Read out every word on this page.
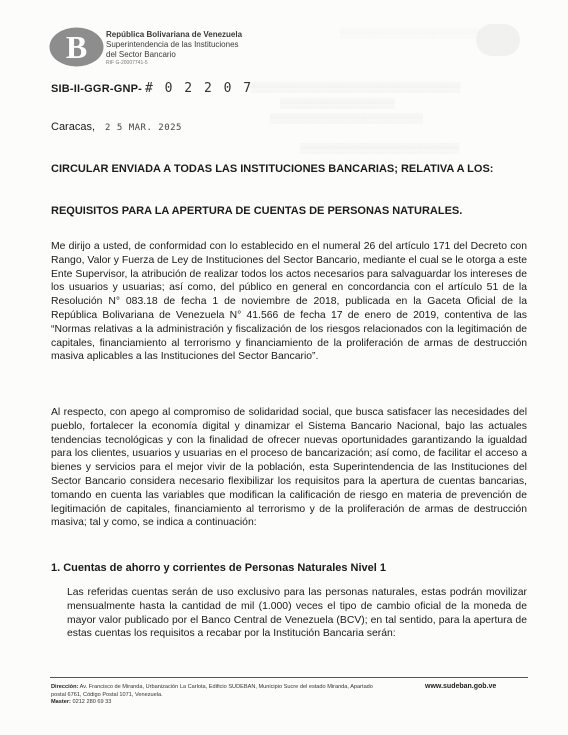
░░░░░░░░░░░░░░░░░░░░░░
▒▒▒▒▒▒▒▒▒▒▒▒▒▒▒▒▒▒▒▒▒▒▒▒▒▒▒▒▒▒▒▒▒
▒▒▒▒▒▒▒▒▒▒▒▒▒▒▒▒▒▒
▒▒▒▒▒▒▒▒▒▒▒▒▒▒▒▒▒▒▒▒▒▒▒▒
▒▒▒▒▒▒▒▒▒▒▒▒▒▒▒▒▒▒▒▒▒▒▒▒▒
B República Bolivariana de Venezuela
Superintendencia de las Instituciones
del Sector Bancario
RIF G-20007741-5
SIB-II-GGR-GNP- # 0 2 2 0 7
Caracas, 2 5 MAR. 2025
CIRCULAR ENVIADA A TODAS LAS INSTITUCIONES BANCARIAS; RELATIVA A LOS:
REQUISITOS PARA LA APERTURA DE CUENTAS DE PERSONAS NATURALES.
Me dirijo a usted, de conformidad con lo establecido en el numeral 26 del artículo 171 del Decreto con Rango, Valor y Fuerza de Ley de Instituciones del Sector Bancario, mediante el cual se le otorga a este Ente Supervisor, la atribución de realizar todos los actos necesarios para salvaguardar los intereses de los usuarios y usuarias; así como, del público en general en concordancia con el artículo 51 de la Resolución N° 083.18 de fecha 1 de noviembre de 2018, publicada en la Gaceta Oficial de la República Bolivariana de Venezuela N° 41.566 de fecha 17 de enero de 2019, contentiva de las “Normas relativas a la administración y fiscalización de los riesgos relacionados con la legitimación de capitales, financiamiento al terrorismo y financiamiento de la proliferación de armas de destrucción masiva aplicables a las Instituciones del Sector Bancario”.
Al respecto, con apego al compromiso de solidaridad social, que busca satisfacer las necesidades del pueblo, fortalecer la economía digital y dinamizar el Sistema Bancario Nacional, bajo las actuales tendencias tecnológicas y con la finalidad de ofrecer nuevas oportunidades garantizando la igualdad para los clientes, usuarios y usuarias en el proceso de bancarización; así como, de facilitar el acceso a bienes y servicios para el mejor vivir de la población, esta Superintendencia de las Instituciones del Sector Bancario considera necesario flexibilizar los requisitos para la apertura de cuentas bancarias, tomando en cuenta las variables que modifican la calificación de riesgo en materia de prevención de legitimación de capitales, financiamiento al terrorismo y de la proliferación de armas de destrucción masiva; tal y como, se indica a continuación:
1. Cuentas de ahorro y corrientes de Personas Naturales Nivel 1
Las referidas cuentas serán de uso exclusivo para las personas naturales, estas podrán movilizar mensualmente hasta la cantidad de mil (1.000) veces el tipo de cambio oficial de la moneda de mayor valor publicado por el Banco Central de Venezuela (BCV); en tal sentido, para la apertura de estas cuentas los requisitos a recabar por la Institución Bancaria serán:
Dirección: Av. Francisco de Miranda, Urbanización La Carlota, Edificio SUDEBAN, Municipio Sucre del estado Miranda, Apartado postal 6761, Código Postal 1071, Venezuela.
Master: 0212 280 69 33
www.sudeban.gob.ve
